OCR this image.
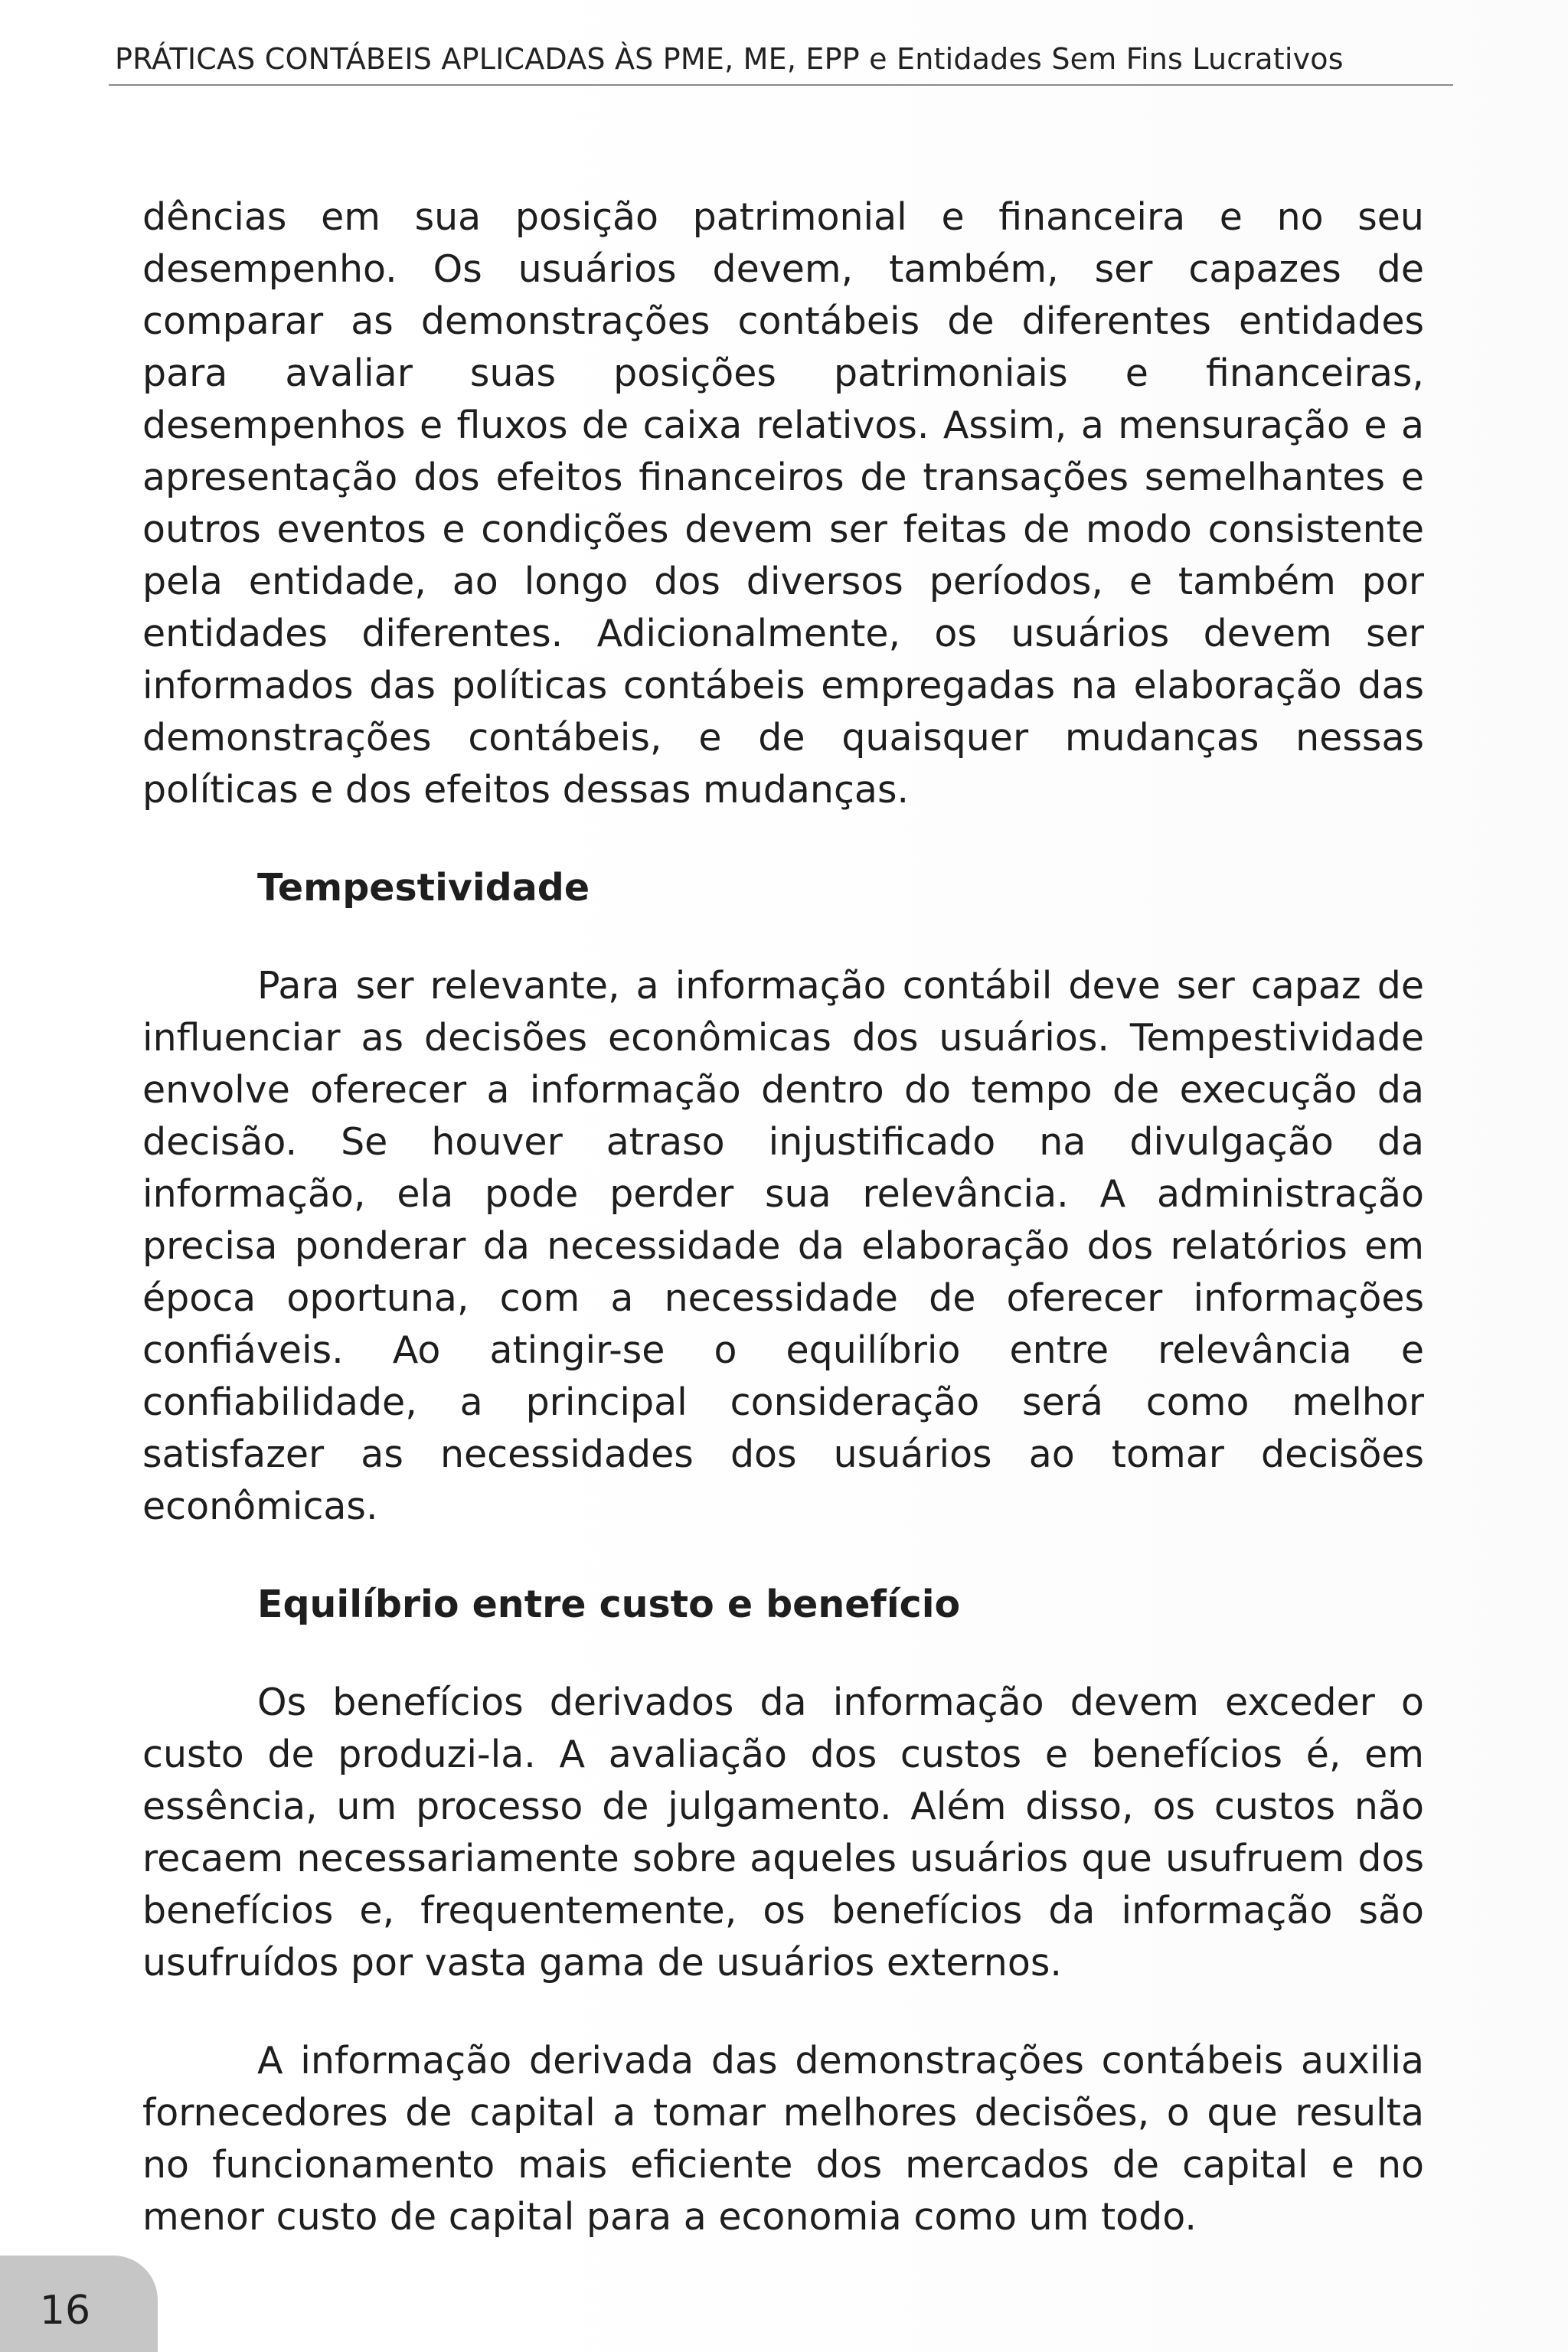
PRÁTICAS CONTÁBEIS APLICADAS ÀS PME, ME, EPP e Entidades Sem Fins Lucrativos

dências em sua posição patrimonial e financeira e no seu desempenho. Os usuários devem, também, ser capazes de comparar as demonstrações contábeis de diferentes entidades para avaliar suas posições patrimoniais e financeiras, desempenhos e fluxos de caixa relativos. Assim, a mensuração e a apresentação dos efeitos financeiros de transações semelhantes e outros eventos e condições devem ser feitas de modo consistente pela entidade, ao longo dos diversos períodos, e também por entidades diferentes. Adicionalmente, os usuários devem ser informados das políticas contábeis empregadas na elaboração das demonstrações contábeis, e de quaisquer mudanças nessas políticas e dos efeitos dessas mudanças.

Tempestividade

Para ser relevante, a informação contábil deve ser capaz de influenciar as decisões econômicas dos usuários. Tempestividade envolve oferecer a informação dentro do tempo de execução da decisão. Se houver atraso injustificado na divulgação da informação, ela pode perder sua relevância. A administração precisa ponderar da necessidade da elaboração dos relatórios em época oportuna, com a necessidade de oferecer informações confiáveis. Ao atingir-se o equilíbrio entre relevância e confiabilidade, a principal consideração será como melhor satisfazer as necessidades dos usuários ao tomar decisões econômicas.

Equilíbrio entre custo e benefício

Os benefícios derivados da informação devem exceder o custo de produzi-la. A avaliação dos custos e benefícios é, em essência, um processo de julgamento. Além disso, os custos não recaem necessariamente sobre aqueles usuários que usufruem dos benefícios e, frequentemente, os benefícios da informação são usufruídos por vasta gama de usuários externos.

A informação derivada das demonstrações contábeis auxilia fornecedores de capital a tomar melhores decisões, o que resulta no funcionamento mais eficiente dos mercados de capital e no menor custo de capital para a economia como um todo.

16
